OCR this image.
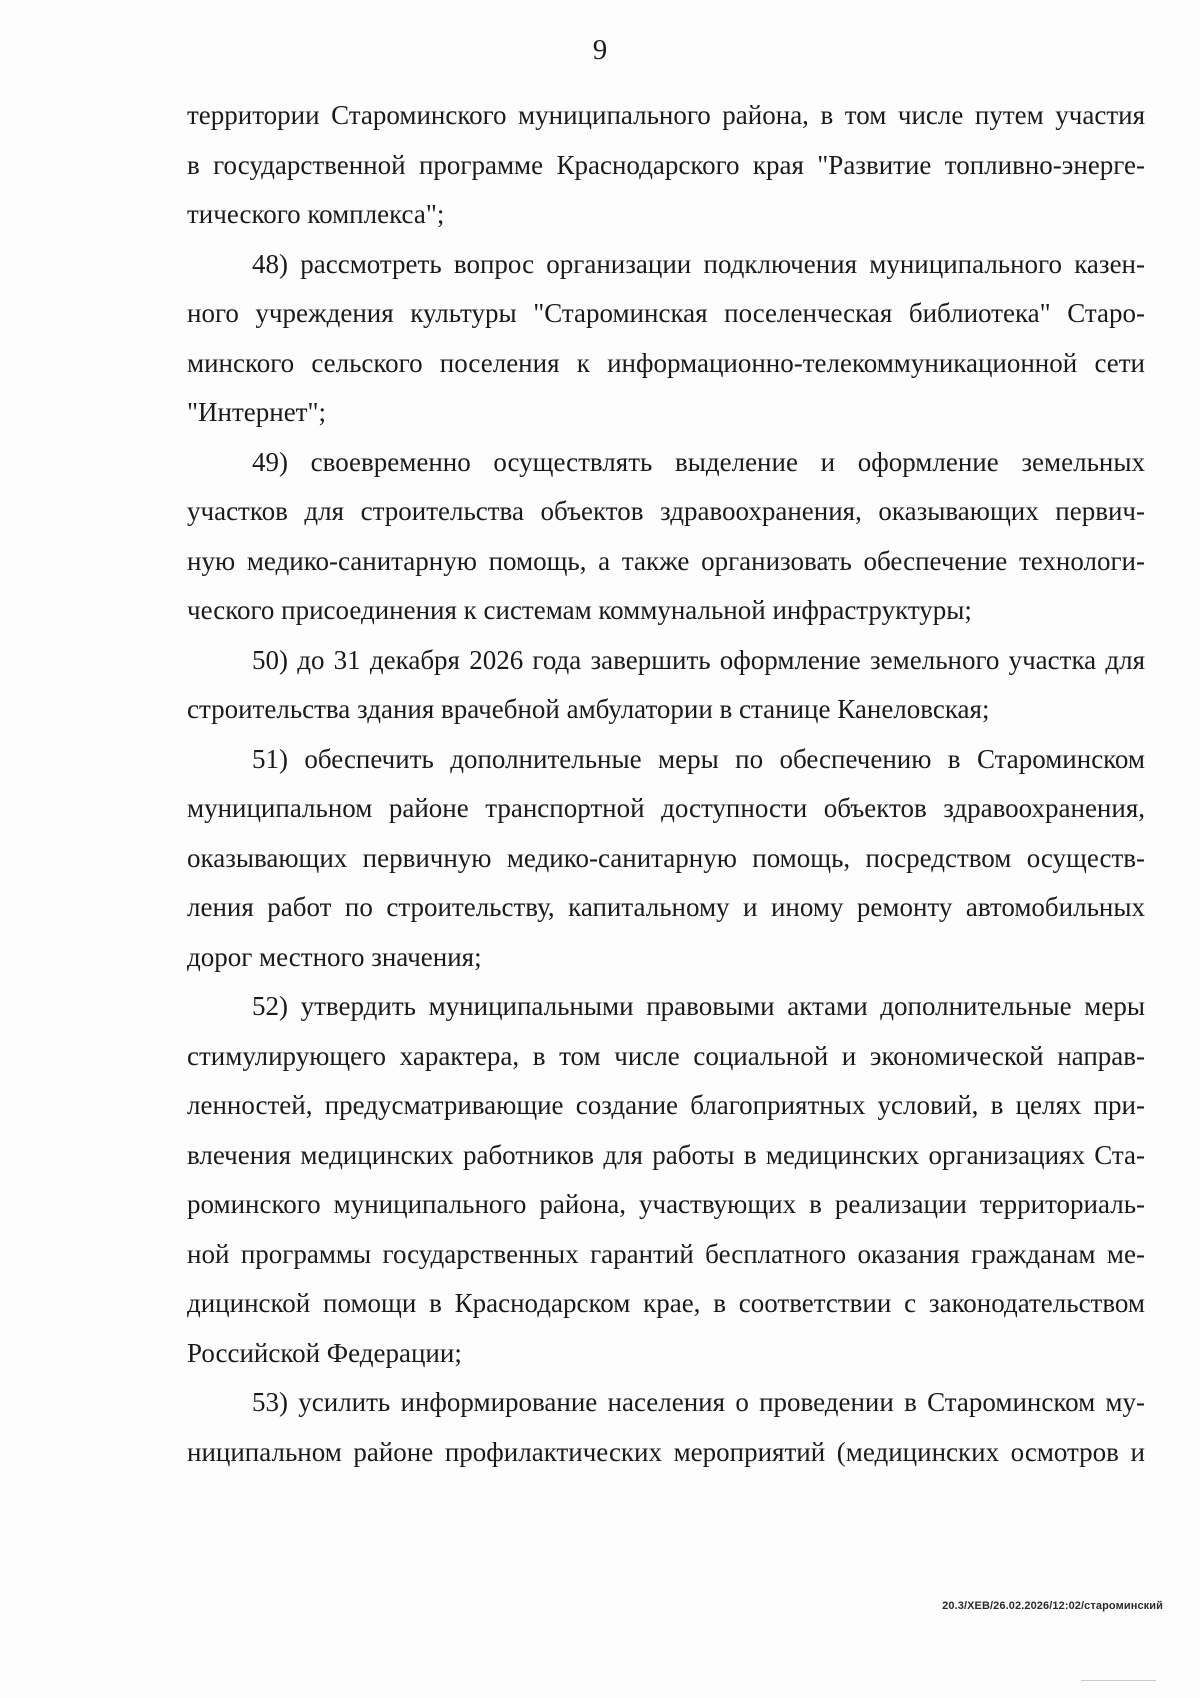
9

территории Староминского муниципального района, в том числе путем участия
в государственной программе Краснодарского края "Развитие топливно-энерге-
тического комплекса";

48) рассмотреть вопрос организации подключения муниципального казен-
ного учреждения культуры "Староминская поселенческая библиотека" Старо-
минского сельского поселения к информационно-телекоммуникационной сети
"Интернет";

49) своевременно осуществлять выделение и оформление земельных
участков для строительства объектов здравоохранения, оказывающих первич-
ную медико-санитарную помощь, а также организовать обеспечение технологи-
ческого присоединения к системам коммунальной инфраструктуры;

50) до 31 декабря 2026 года завершить оформление земельного участка для
строительства здания врачебной амбулатории в станице Канеловская;

51) обеспечить дополнительные меры по обеспечению в Староминском
муниципальном районе транспортной доступности объектов здравоохранения,
оказывающих первичную медико-санитарную помощь, посредством осуществ-
ления работ по строительству, капитальному и иному ремонту автомобильных
дорог местного значения;

52) утвердить муниципальными правовыми актами дополнительные меры
стимулирующего характера, в том числе социальной и экономической направ-
ленностей, предусматривающие создание благоприятных условий, в целях при-
влечения медицинских работников для работы в медицинских организациях Ста-
роминского муниципального района, участвующих в реализации территориаль-
ной программы государственных гарантий бесплатного оказания гражданам ме-
дицинской помощи в Краснодарском крае, в соответствии с законодательством
Российской Федерации;

53) усилить информирование населения о проведении в Староминском му-
ниципальном районе профилактических мероприятий (медицинских осмотров и

20.3/ХЕВ/26.02.2026/12:02/староминский
